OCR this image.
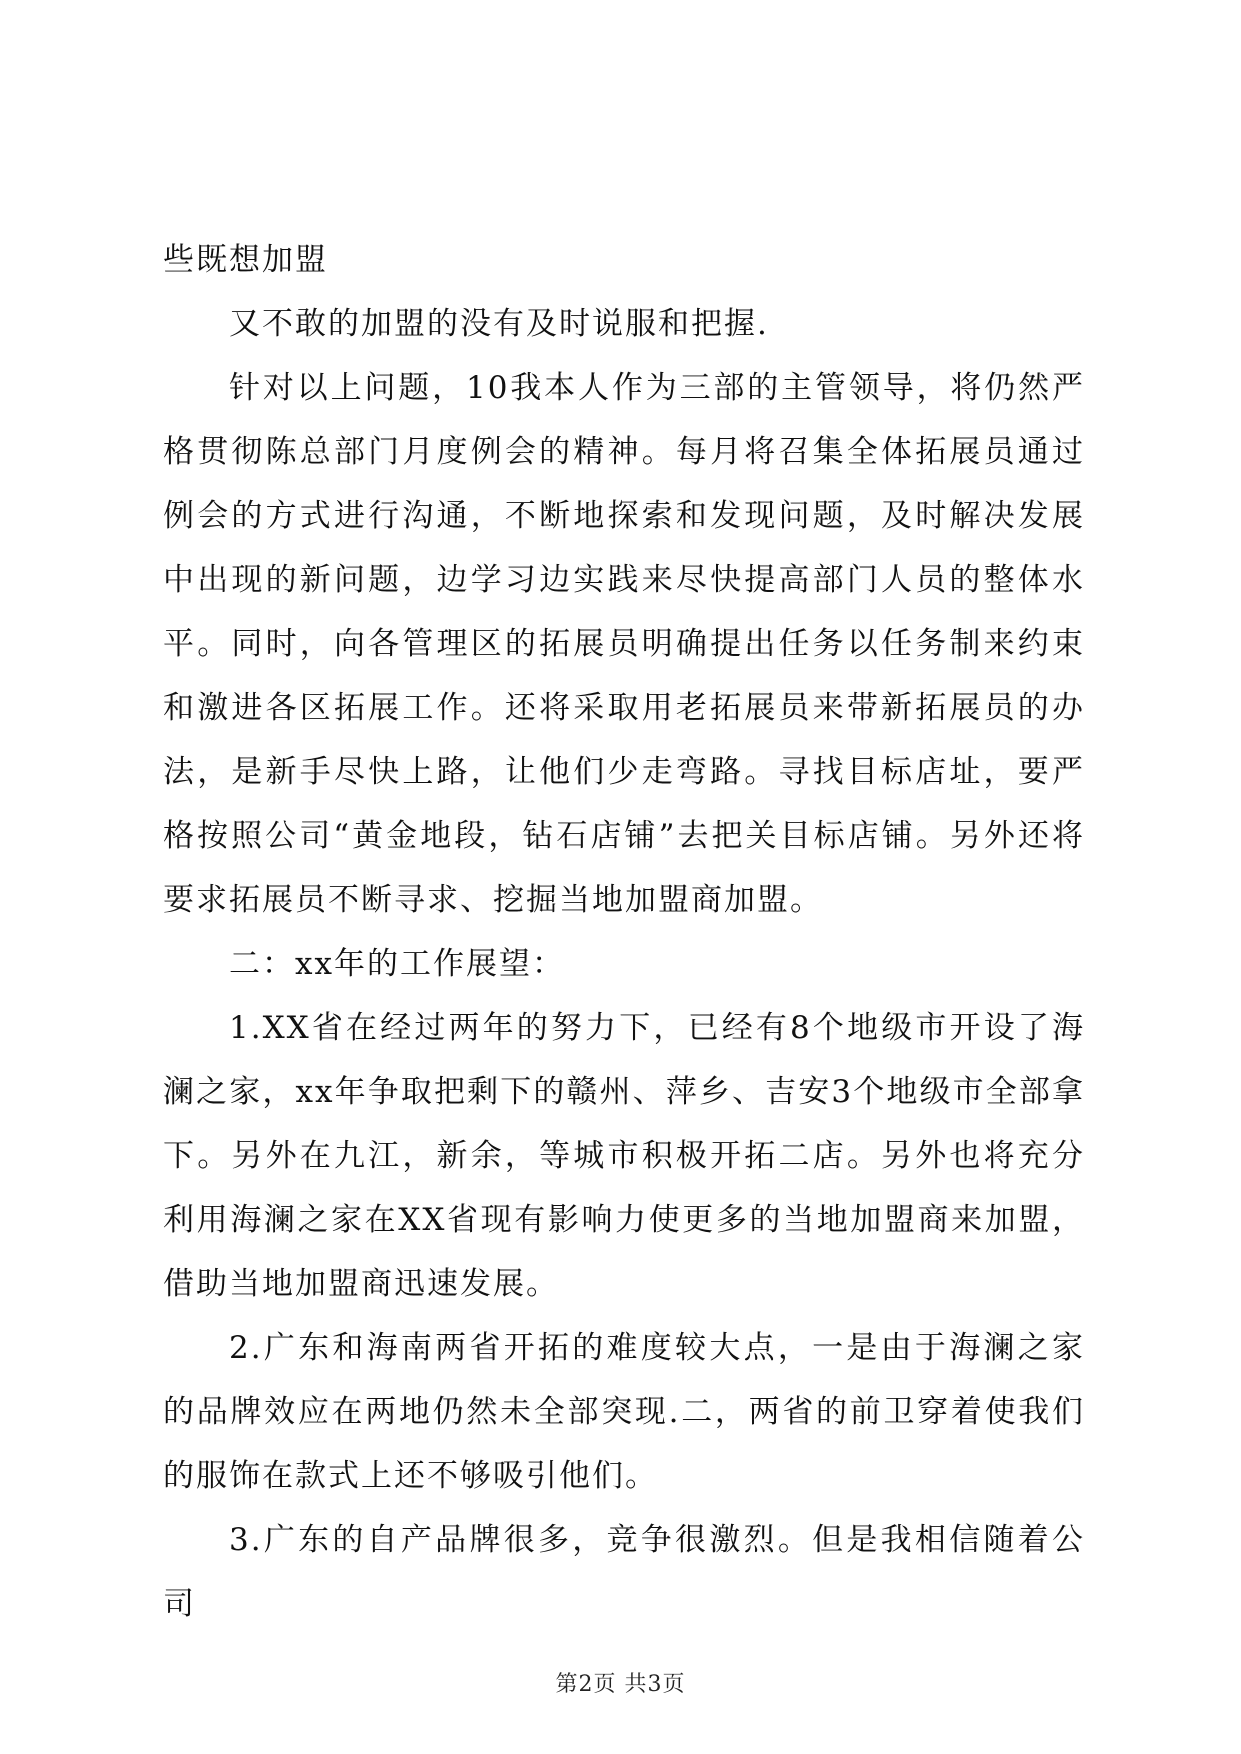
些既想加盟

又不敢的加盟的没有及时说服和把握.

针对以上问题，10我本人作为三部的主管领导，将仍然严格贯彻陈总部门月度例会的精神。每月将召集全体拓展员通过例会的方式进行沟通，不断地探索和发现问题，及时解决发展中出现的新问题，边学习边实践来尽快提高部门人员的整体水平。同时，向各管理区的拓展员明确提出任务以任务制来约束和激进各区拓展工作。还将采取用老拓展员来带新拓展员的办法，是新手尽快上路，让他们少走弯路。寻找目标店址，要严格按照公司“黄金地段，钻石店铺”去把关目标店铺。另外还将要求拓展员不断寻求、挖掘当地加盟商加盟。

二：xx年的工作展望：

1.XX省在经过两年的努力下，已经有8个地级市开设了海澜之家，xx年争取把剩下的赣州、萍乡、吉安3个地级市全部拿下。另外在九江，新余，等城市积极开拓二店。另外也将充分利用海澜之家在XX省现有影响力使更多的当地加盟商来加盟，借助当地加盟商迅速发展。

2.广东和海南两省开拓的难度较大点，一是由于海澜之家的品牌效应在两地仍然未全部突现.二，两省的前卫穿着使我们的服饰在款式上还不够吸引他们。

3.广东的自产品牌很多，竞争很激烈。但是我相信随着公司

第2页 共3页
